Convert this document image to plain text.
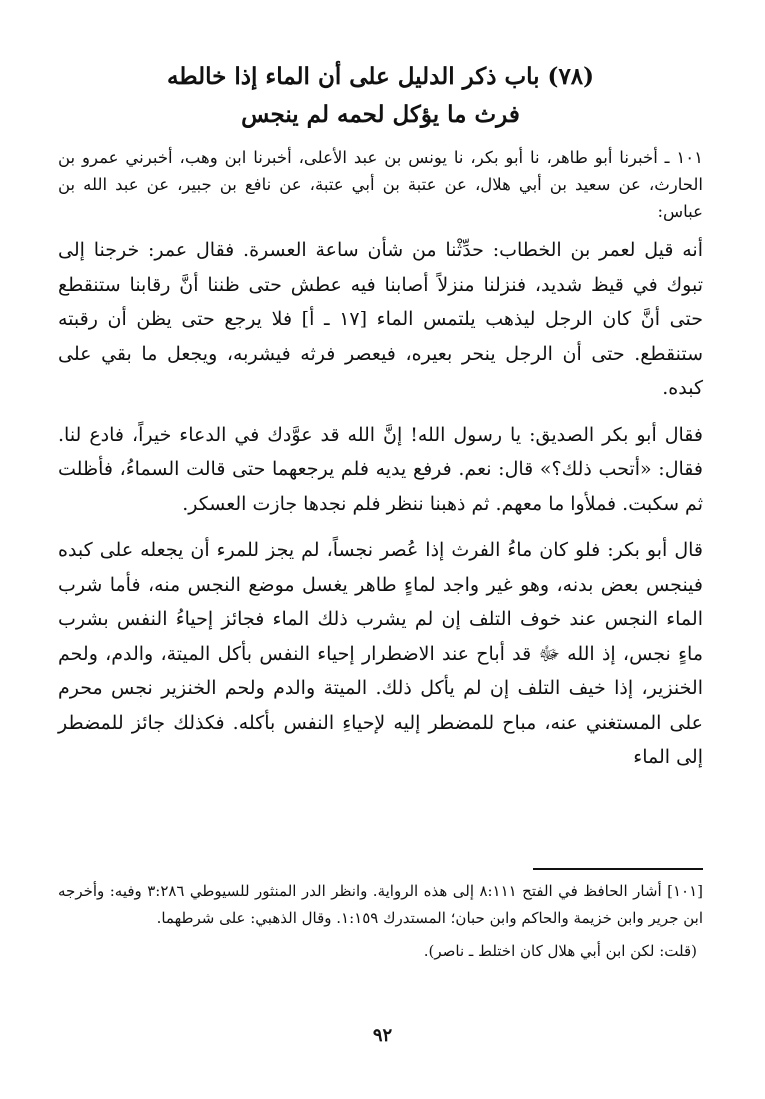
(٧٨) باب ذكر الدليل على أن الماء إذا خالطه
فرث ما يؤكل لحمه لم ينجس

١٠١ ـ أخبرنا أبو طاهر، نا أبو بكر، نا يونس بن عبد الأعلى، أخبرنا ابن وهب، أخبرني عمرو بن الحارث، عن سعيد بن أبي هلال، عن عتبة بن أبي عتبة، عن نافع بن جبير، عن عبد الله بن عباس:

أنه قيل لعمر بن الخطاب: حدِّثْنا من شأن ساعة العسرة. فقال عمر: خرجنا إلى تبوك في قيظ شديد، فنزلنا منزلاً أصابنا فيه عطش حتى ظننا أنَّ رقابنا ستنقطع حتى أنَّ كان الرجل ليذهب يلتمس الماء [١٧ ـ أ] فلا يرجع حتى يظن أن رقبته ستنقطع. حتى أن الرجل ينحر بعيره، فيعصر فرثه فيشربه، ويجعل ما بقي على كبده.

فقال أبو بكر الصديق: يا رسول الله! إنَّ الله قد عوَّدك في الدعاء خيراً، فادع لنا. فقال: «أتحب ذلك؟» قال: نعم. فرفع يديه فلم يرجعهما حتى قالت السماءُ، فأظلت ثم سكبت. فملأوا ما معهم. ثم ذهبنا ننظر فلم نجدها جازت العسكر.

قال أبو بكر: فلو كان ماءُ الفرث إذا عُصر نجساً، لم يجز للمرء أن يجعله على كبده فينجس بعض بدنه، وهو غير واجد لماءٍ طاهر يغسل موضع النجس منه، فأما شرب الماء النجس عند خوف التلف إن لم يشرب ذلك الماء فجائز إحياءُ النفس بشرب ماءٍ نجس، إذ الله ﷻ قد أباح عند الاضطرار إحياء النفس بأكل الميتة، والدم، ولحم الخنزير، إذا خيف التلف إن لم يأكل ذلك. الميتة والدم ولحم الخنزير نجس محرم على المستغني عنه، مباح للمضطر إليه لإحياءِ النفس بأكله. فكذلك جائز للمضطر إلى الماء

[١٠١] أشار الحافظ في الفتح ٨:١١١ إلى هذه الرواية. وانظر الدر المنثور للسيوطي ٣:٢٨٦ وفيه: وأخرجه ابن جرير وابن خزيمة والحاكم وابن حبان؛ المستدرك ١:١٥٩. وقال الذهبي: على شرطهما.

(قلت: لكن ابن أبي هلال كان اختلط ـ ناصر).

٩٢
